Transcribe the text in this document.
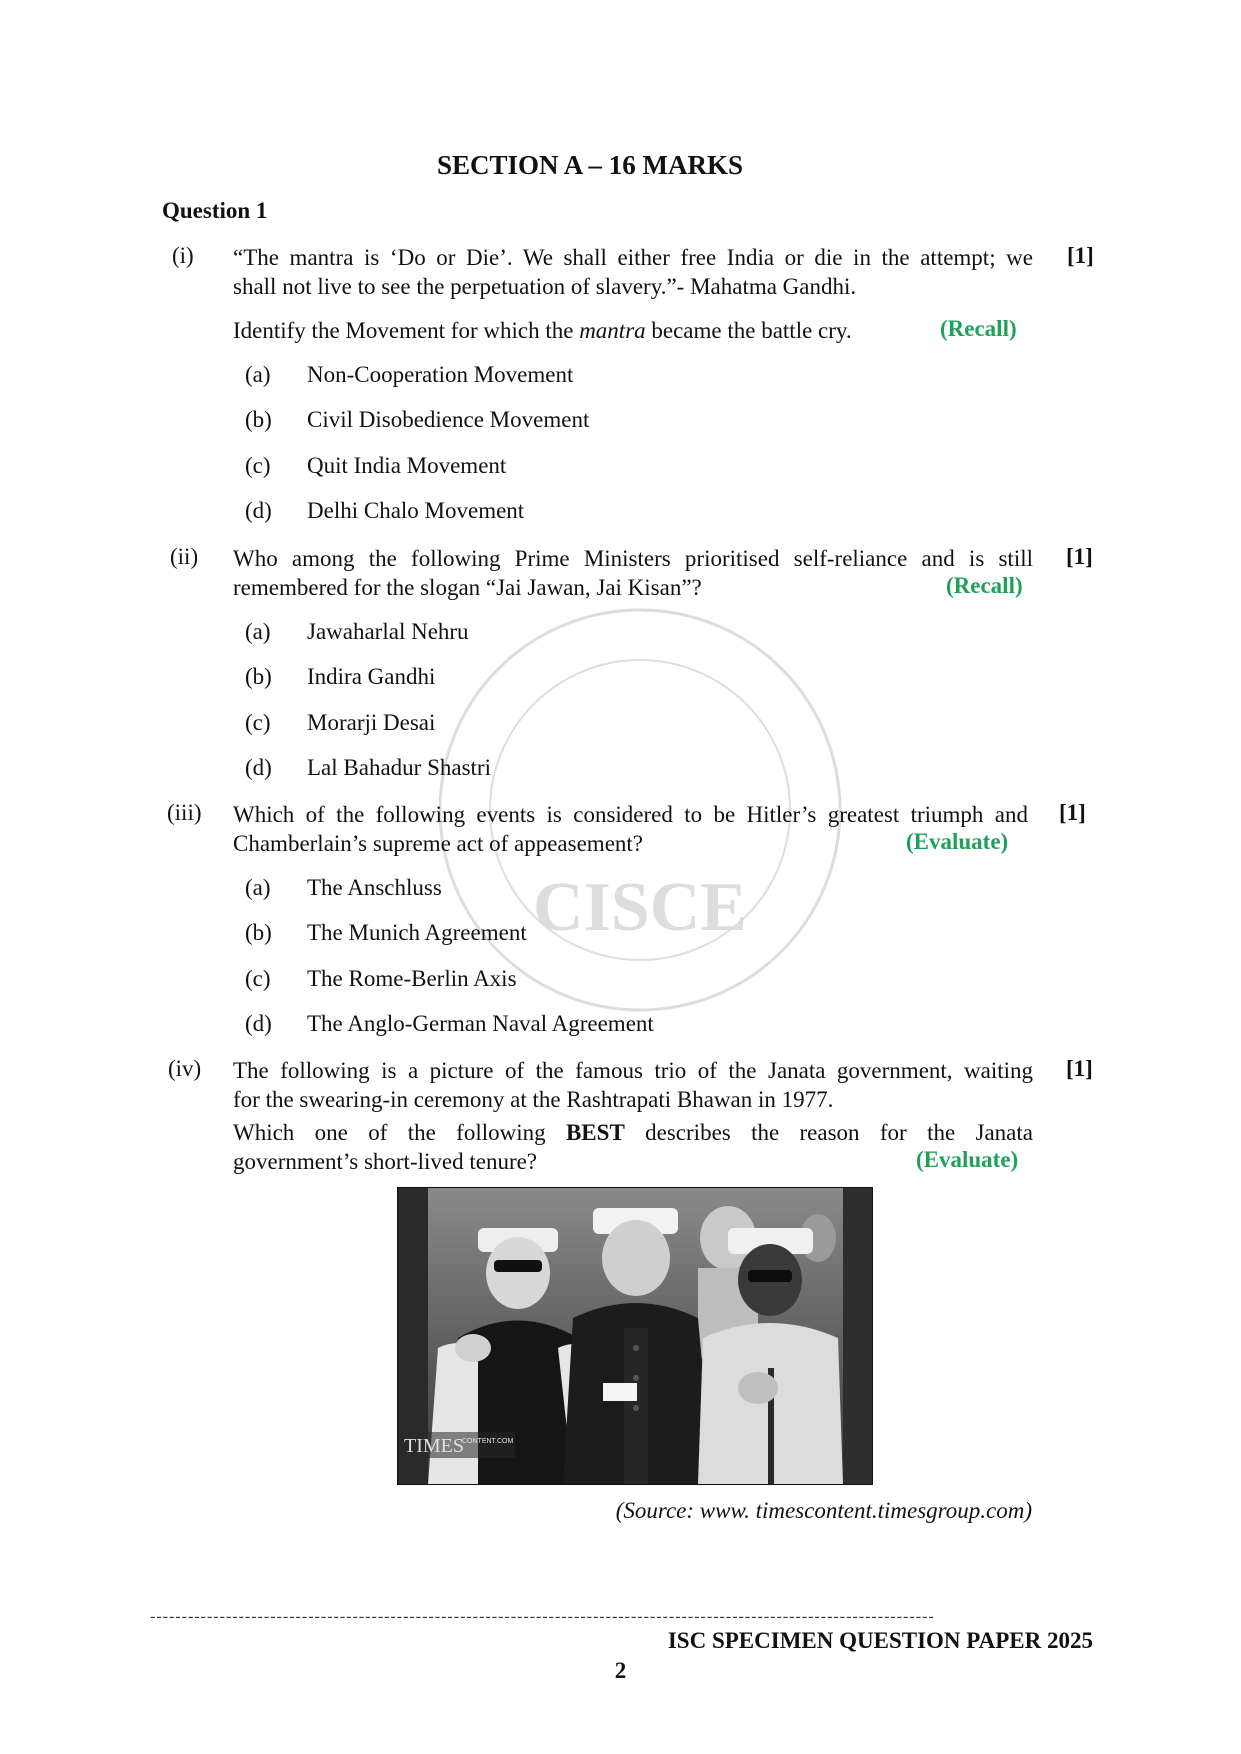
CISCE
SECTION A – 16 MARKS
Question 1
(i) “The mantra is ‘Do or Die’. We shall either free India or die in the attempt; we
shall not live to see the perpetuation of slavery.”- Mahatma Gandhi.
[1]
Identify the Movement for which the mantra became the battle cry.	(Recall)
(a) Non-Cooperation Movement
(b) Civil Disobedience Movement
(c) Quit India Movement
(d) Delhi Chalo Movement
(ii) Who among the following Prime Ministers prioritised self-reliance and is still
remembered for the slogan “Jai Jawan, Jai Kisan”?	(Recall)
[1]
(a) Jawaharlal Nehru
(b) Indira Gandhi
(c) Morarji Desai
(d) Lal Bahadur Shastri
(iii) Which of the following events is considered to be Hitler’s greatest triumph and
Chamberlain’s supreme act of appeasement?	(Evaluate)
[1]
(a) The Anschluss
(b) The Munich Agreement
(c) The Rome-Berlin Axis
(d) The Anglo-German Naval Agreement
(iv) The following is a picture of the famous trio of the Janata government, waiting
for the swearing-in ceremony at the Rashtrapati Bhawan in 1977.
[1]
Which one of the following BEST describes the reason for the Janata
government’s short-lived tenure?	(Evaluate)
TIMES
CONTENT.COM
(Source: www. timescontent.timesgroup.com)
----------------------------------------------------------------------------------------------------------------------------
ISC SPECIMEN QUESTION PAPER 2025
2
